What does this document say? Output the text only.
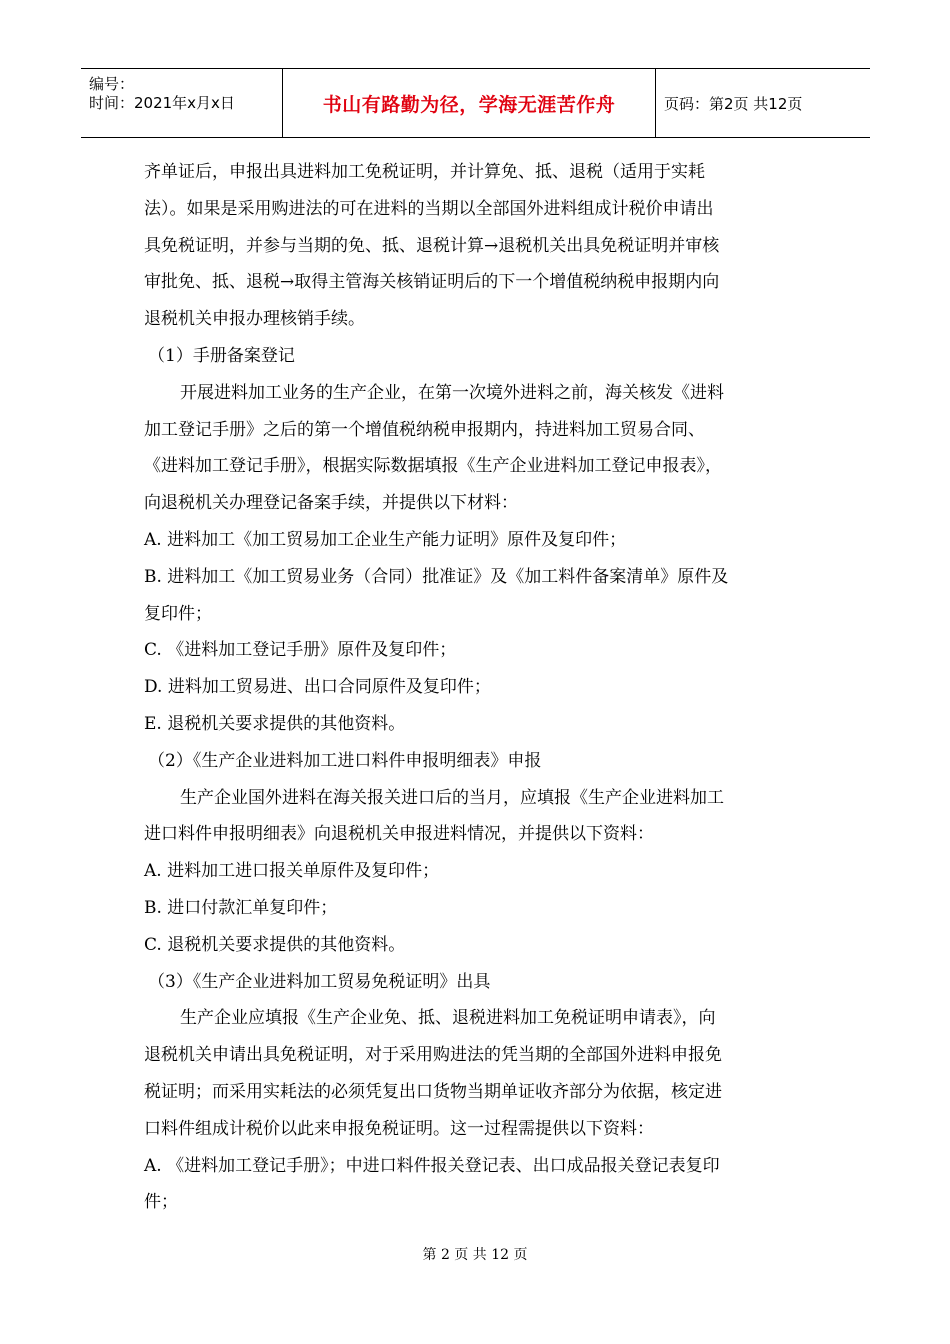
编号：
时间：2021年x月x日	书山有路勤为径，学海无涯苦作舟	页码：第2页 共12页
齐单证后，申报出具进料加工免税证明，并计算免、抵、退税（适用于实耗
法）。如果是采用购进法的可在进料的当期以全部国外进料组成计税价申请出
具免税证明，并参与当期的免、抵、退税计算→退税机关出具免税证明并审核
审批免、抵、退税→取得主管海关核销证明后的下一个增值税纳税申报期内向
退税机关申报办理核销手续。
（1）手册备案登记
开展进料加工业务的生产企业，在第一次境外进料之前，海关核发《进料
加工登记手册》之后的第一个增值税纳税申报期内，持进料加工贸易合同、
《进料加工登记手册》，根据实际数据填报《生产企业进料加工登记申报表》，
向退税机关办理登记备案手续，并提供以下材料：
A. 进料加工《加工贸易加工企业生产能力证明》原件及复印件；
B. 进料加工《加工贸易业务（合同）批准证》及《加工料件备案清单》原件及
复印件；
C. 《进料加工登记手册》原件及复印件；
D. 进料加工贸易进、出口合同原件及复印件；
E. 退税机关要求提供的其他资料。
（2）《生产企业进料加工进口料件申报明细表》申报
生产企业国外进料在海关报关进口后的当月，应填报《生产企业进料加工
进口料件申报明细表》向退税机关申报进料情况，并提供以下资料：
A. 进料加工进口报关单原件及复印件；
B. 进口付款汇单复印件；
C. 退税机关要求提供的其他资料。
（3）《生产企业进料加工贸易免税证明》出具
生产企业应填报《生产企业免、抵、退税进料加工免税证明申请表》，向
退税机关申请出具免税证明，对于采用购进法的凭当期的全部国外进料申报免
税证明；而采用实耗法的必须凭复出口货物当期单证收齐部分为依据，核定进
口料件组成计税价以此来申报免税证明。这一过程需提供以下资料：
A. 《进料加工登记手册》；中进口料件报关登记表、出口成品报关登记表复印
件；
第 2 页 共 12 页
